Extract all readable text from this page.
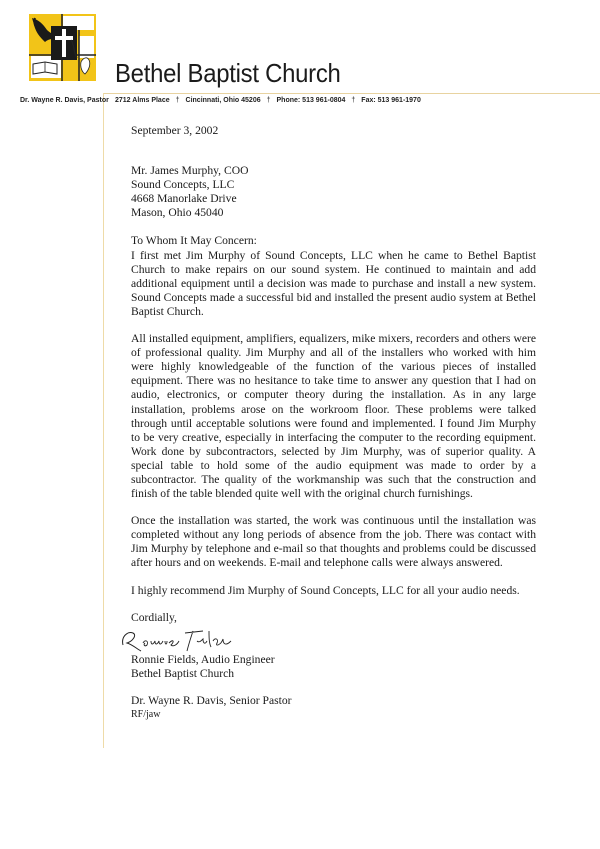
Bethel Baptist Church
Dr. Wayne R. Davis, Pastor 2712 Alms Place † Cincinnati, Ohio 45206 † Phone: 513 961-0804 † Fax: 513 961-1970

September 3, 2002

Mr. James Murphy, COO
Sound Concepts, LLC
4668 Manorlake Drive
Mason, Ohio 45040

To Whom It May Concern:

I first met Jim Murphy of Sound Concepts, LLC when he came to Bethel Baptist Church to make repairs on our sound system. He continued to maintain and add additional equipment until a decision was made to purchase and install a new system. Sound Concepts made a successful bid and installed the present audio system at Bethel Baptist Church.

All installed equipment, amplifiers, equalizers, mike mixers, recorders and others were of professional quality. Jim Murphy and all of the installers who worked with him were highly knowledgeable of the function of the various pieces of installed equipment. There was no hesitance to take time to answer any question that I had on audio, electronics, or computer theory during the installation. As in any large installation, problems arose on the workroom floor. These problems were talked through until acceptable solutions were found and implemented. I found Jim Murphy to be very creative, especially in interfacing the computer to the recording equipment. Work done by subcontractors, selected by Jim Murphy, was of superior quality. A special table to hold some of the audio equipment was made to order by a subcontractor. The quality of the workmanship was such that the construction and finish of the table blended quite well with the original church furnishings.

Once the installation was started, the work was continuous until the installation was completed without any long periods of absence from the job. There was contact with Jim Murphy by telephone and e-mail so that thoughts and problems could be discussed after hours and on weekends. E-mail and telephone calls were always answered.

I highly recommend Jim Murphy of Sound Concepts, LLC for all your audio needs.

Cordially,

Ronnie Fields, Audio Engineer

Bethel Baptist Church

Dr. Wayne R. Davis, Senior Pastor

RF/jaw
